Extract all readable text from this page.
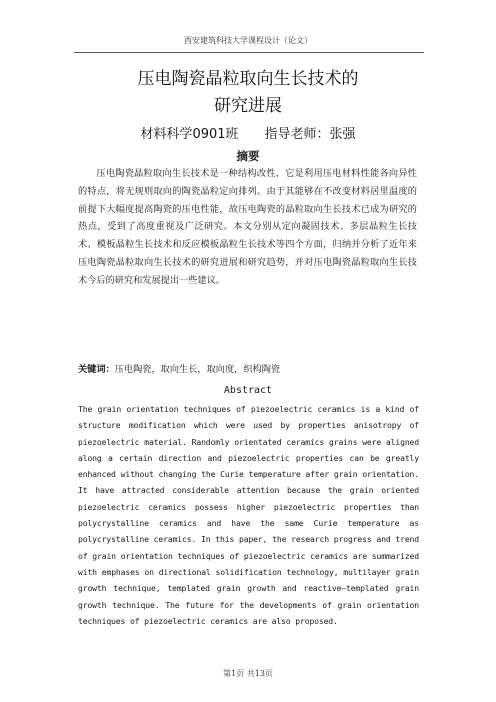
西安建筑科技大学课程设计（论文）
压电陶瓷晶粒取向生长技术的
研究进展
材料科学0901班 指导老师：张强
摘要

压电陶瓷晶粒取向生长技术是一种结构改性，它是利用压电材料性能各向异性的特点，将无规则取向的陶瓷晶粒定向排列。由于其能够在不改变材料居里温度的前提下大幅度提高陶瓷的压电性能，故压电陶瓷的晶粒取向生长技术已成为研究的热点，受到了高度重视及广泛研究。本文分别从定向凝固技术、多层晶粒生长技术、模板晶粒生长技术和反应模板晶粒生长技术等四个方面，归纳并分析了近年来压电陶瓷晶粒取向生长技术的研究进展和研究趋势，并对压电陶瓷晶粒取向生长技术今后的研究和发展提出一些建议。

关键词：压电陶瓷，取向生长，取向度，织构陶瓷

Abstract

The grain orientation techniques of piezoelectric ceramics is a kind of structure modification which were used by properties anisotropy of piezoelectric material. Randomly orientated ceramics grains were aligned along a certain direction and piezoelectric properties can be greatly enhanced without changing the Curie temperature after grain orientation. It have attracted considerable attention because the grain oriented piezoelectric ceramics possess higher piezoelectric properties than polycrystalline ceramics and have the same Curie temperature as polycrystalline ceramics. In this paper, the research progress and trend of grain orientation techniques of piezoelectric ceramics are summarized with emphases on directional solidification technology, multilayer grain growth technique, templated grain growth and reactive—templated grain growth technique. The future for the developments of grain orientation techniques of piezoelectric ceramics are also proposed.

第1页 共13页
